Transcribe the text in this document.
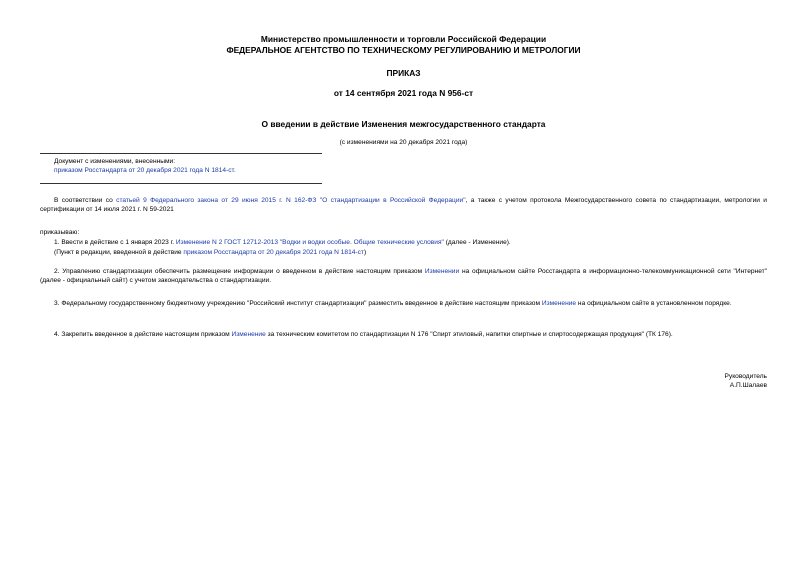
Министерство промышленности и торговли Российской Федерации
ФЕДЕРАЛЬНОЕ АГЕНТСТВО ПО ТЕХНИЧЕСКОМУ РЕГУЛИРОВАНИЮ И МЕТРОЛОГИИ
ПРИКАЗ
от 14 сентября 2021 года N 956-ст
О введении в действие Изменения межгосударственного стандарта
(с изменениями на 20 декабря 2021 года)
Документ с изменениями, внесенными:
приказом Росстандарта от 20 декабря 2021 года N 1814-ст.
В соответствии со статьей 9 Федерального закона от 29 июня 2015 г. N 162-ФЗ "О стандартизации в Российской Федерации", а также с учетом протокола Межгосударственного совета по стандартизации, метрологии и сертификации от 14 июля 2021 г. N 59-2021
приказываю:
1. Ввести в действие с 1 января 2023 г. Изменение N 2 ГОСТ 12712-2013 "Водки и водки особые. Общие технические условия" (далее - Изменение).
(Пункт в редакции, введенной в действие приказом Росстандарта от 20 декабря 2021 года N 1814-ст)
2. Управлению стандартизации обеспечить размещение информации о введенном в действие настоящим приказом Изменении на официальном сайте Росстандарта в информационно-телекоммуникационной сети "Интернет" (далее - официальный сайт) с учетом законодательства о стандартизации.
3. Федеральному государственному бюджетному учреждению "Российский институт стандартизации" разместить введенное в действие настоящим приказом Изменение на официальном сайте в установленном порядке.
4. Закрепить введенное в действие настоящим приказом Изменение за техническим комитетом по стандартизации N 176 "Спирт этиловый, напитки спиртные и спиртосодержащая продукция" (ТК 176).
Руководитель
А.П.Шалаев
